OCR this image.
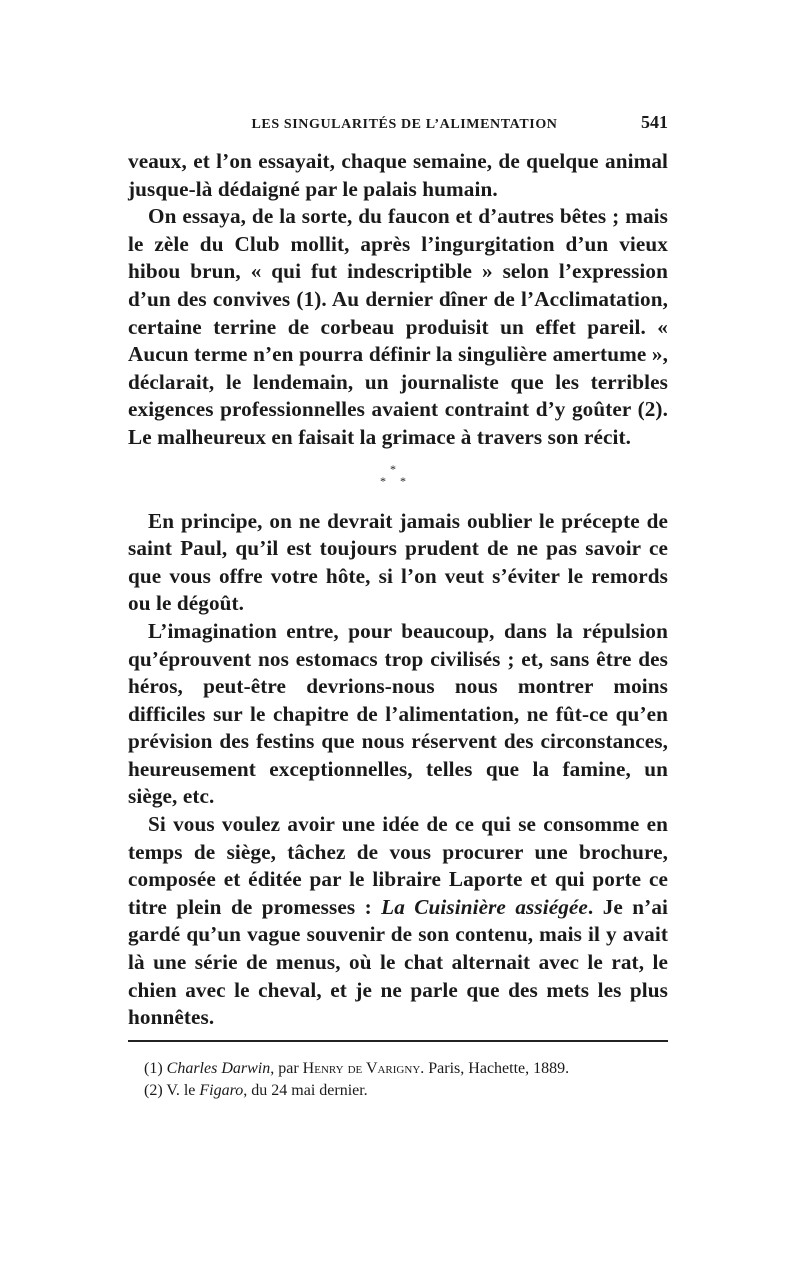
LES SINGULARITÉS DE L’ALIMENTATION	541

veaux, et l’on essayait, chaque semaine, de quelque animal jusque-là dédaigné par le palais humain.

On essaya, de la sorte, du faucon et d’autres bêtes ; mais le zèle du Club mollit, après l’ingurgitation d’un vieux hibou brun, « qui fut indescriptible » selon l’expression d’un des convives (1). Au dernier dîner de l’Acclimatation, certaine terrine de corbeau produisit un effet pareil. « Aucun terme n’en pourra définir la singulière amertume », déclarait, le lendemain, un journaliste que les terribles exigences professionnelles avaient contraint d’y goûter (2). Le malheureux en faisait la grimace à travers son récit.

*
* *

En principe, on ne devrait jamais oublier le précepte de saint Paul, qu’il est toujours prudent de ne pas savoir ce que vous offre votre hôte, si l’on veut s’éviter le remords ou le dégoût.

L’imagination entre, pour beaucoup, dans la répulsion qu’éprouvent nos estomacs trop civilisés ; et, sans être des héros, peut-être devrions-nous nous montrer moins difficiles sur le chapitre de l’alimentation, ne fût-ce qu’en prévision des festins que nous réservent des circonstances, heureusement exceptionnelles, telles que la famine, un siège, etc.

Si vous voulez avoir une idée de ce qui se consomme en temps de siège, tâchez de vous procurer une brochure, composée et éditée par le libraire Laporte et qui porte ce titre plein de promesses : La Cuisinière assiégée. Je n’ai gardé qu’un vague souvenir de son contenu, mais il y avait là une série de menus, où le chat alternait avec le rat, le chien avec le cheval, et je ne parle que des mets les plus honnêtes.

(1) Charles Darwin, par Henry de Varigny. Paris, Hachette, 1889.

(2) V. le Figaro, du 24 mai dernier.
